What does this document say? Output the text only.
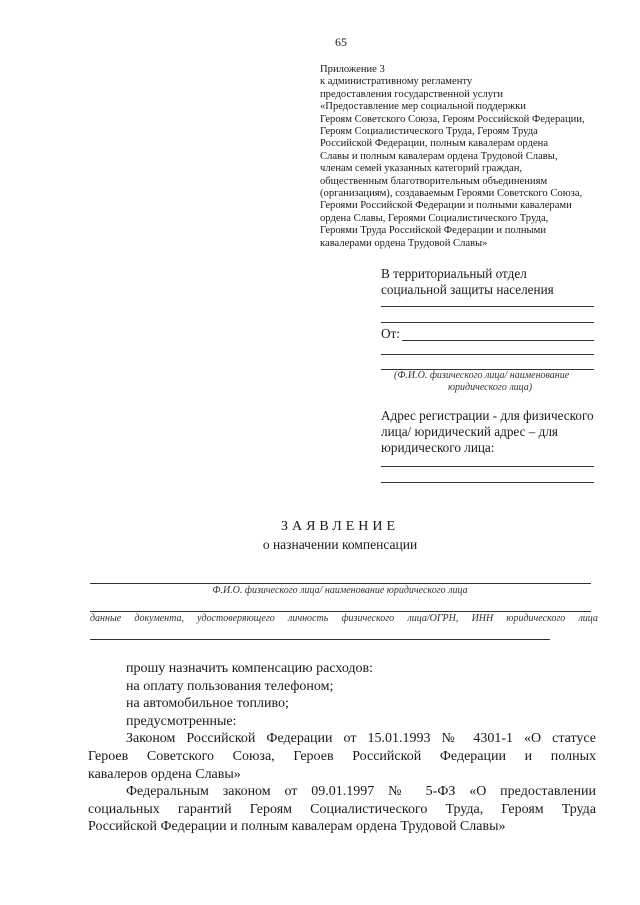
65
Приложение 3
к административному регламенту
предоставления государственной услуги
«Предоставление мер социальной поддержки
Героям Советского Союза, Героям Российской Федерации,
Героям Социалистического Труда, Героям Труда
Российской Федерации, полным кавалерам ордена
Славы и полным кавалерам ордена Трудовой Славы,
членам семей указанных категорий граждан,
общественным благотворительным объединениям
(организациям), создаваемым Героями Советского Союза,
Героями Российской Федерации и полными кавалерами
ордена Славы, Героями Социалистического Труда,
Героями Труда Российской Федерации и полными
кавалерами ордена Трудовой Славы»
В территориальный отдел
социальной защиты населения
От:
(Ф.И.О. физического лица/ наименование
юридического лица)
Адрес регистрации - для физического
лица/ юридический адрес – для
юридического лица:
ЗАЯВЛЕНИЕ
о назначении компенсации
Ф.И.О. физического лица/ наименование юридического лица
данные документа, удостоверяющего личность физического лица/ОГРН, ИНН юридического лица
прошу назначить компенсацию расходов:
на оплату пользования телефоном;
на автомобильное топливо;
предусмотренные:
Законом Российской Федерации от 15.01.1993 № 4301-1 «О статусе
Героев Советского Союза, Героев Российской Федерации и полных
кавалеров ордена Славы»
Федеральным законом от 09.01.1997 № 5-ФЗ «О предоставлении
социальных гарантий Героям Социалистического Труда, Героям Труда
Российской Федерации и полным кавалерам ордена Трудовой Славы»
